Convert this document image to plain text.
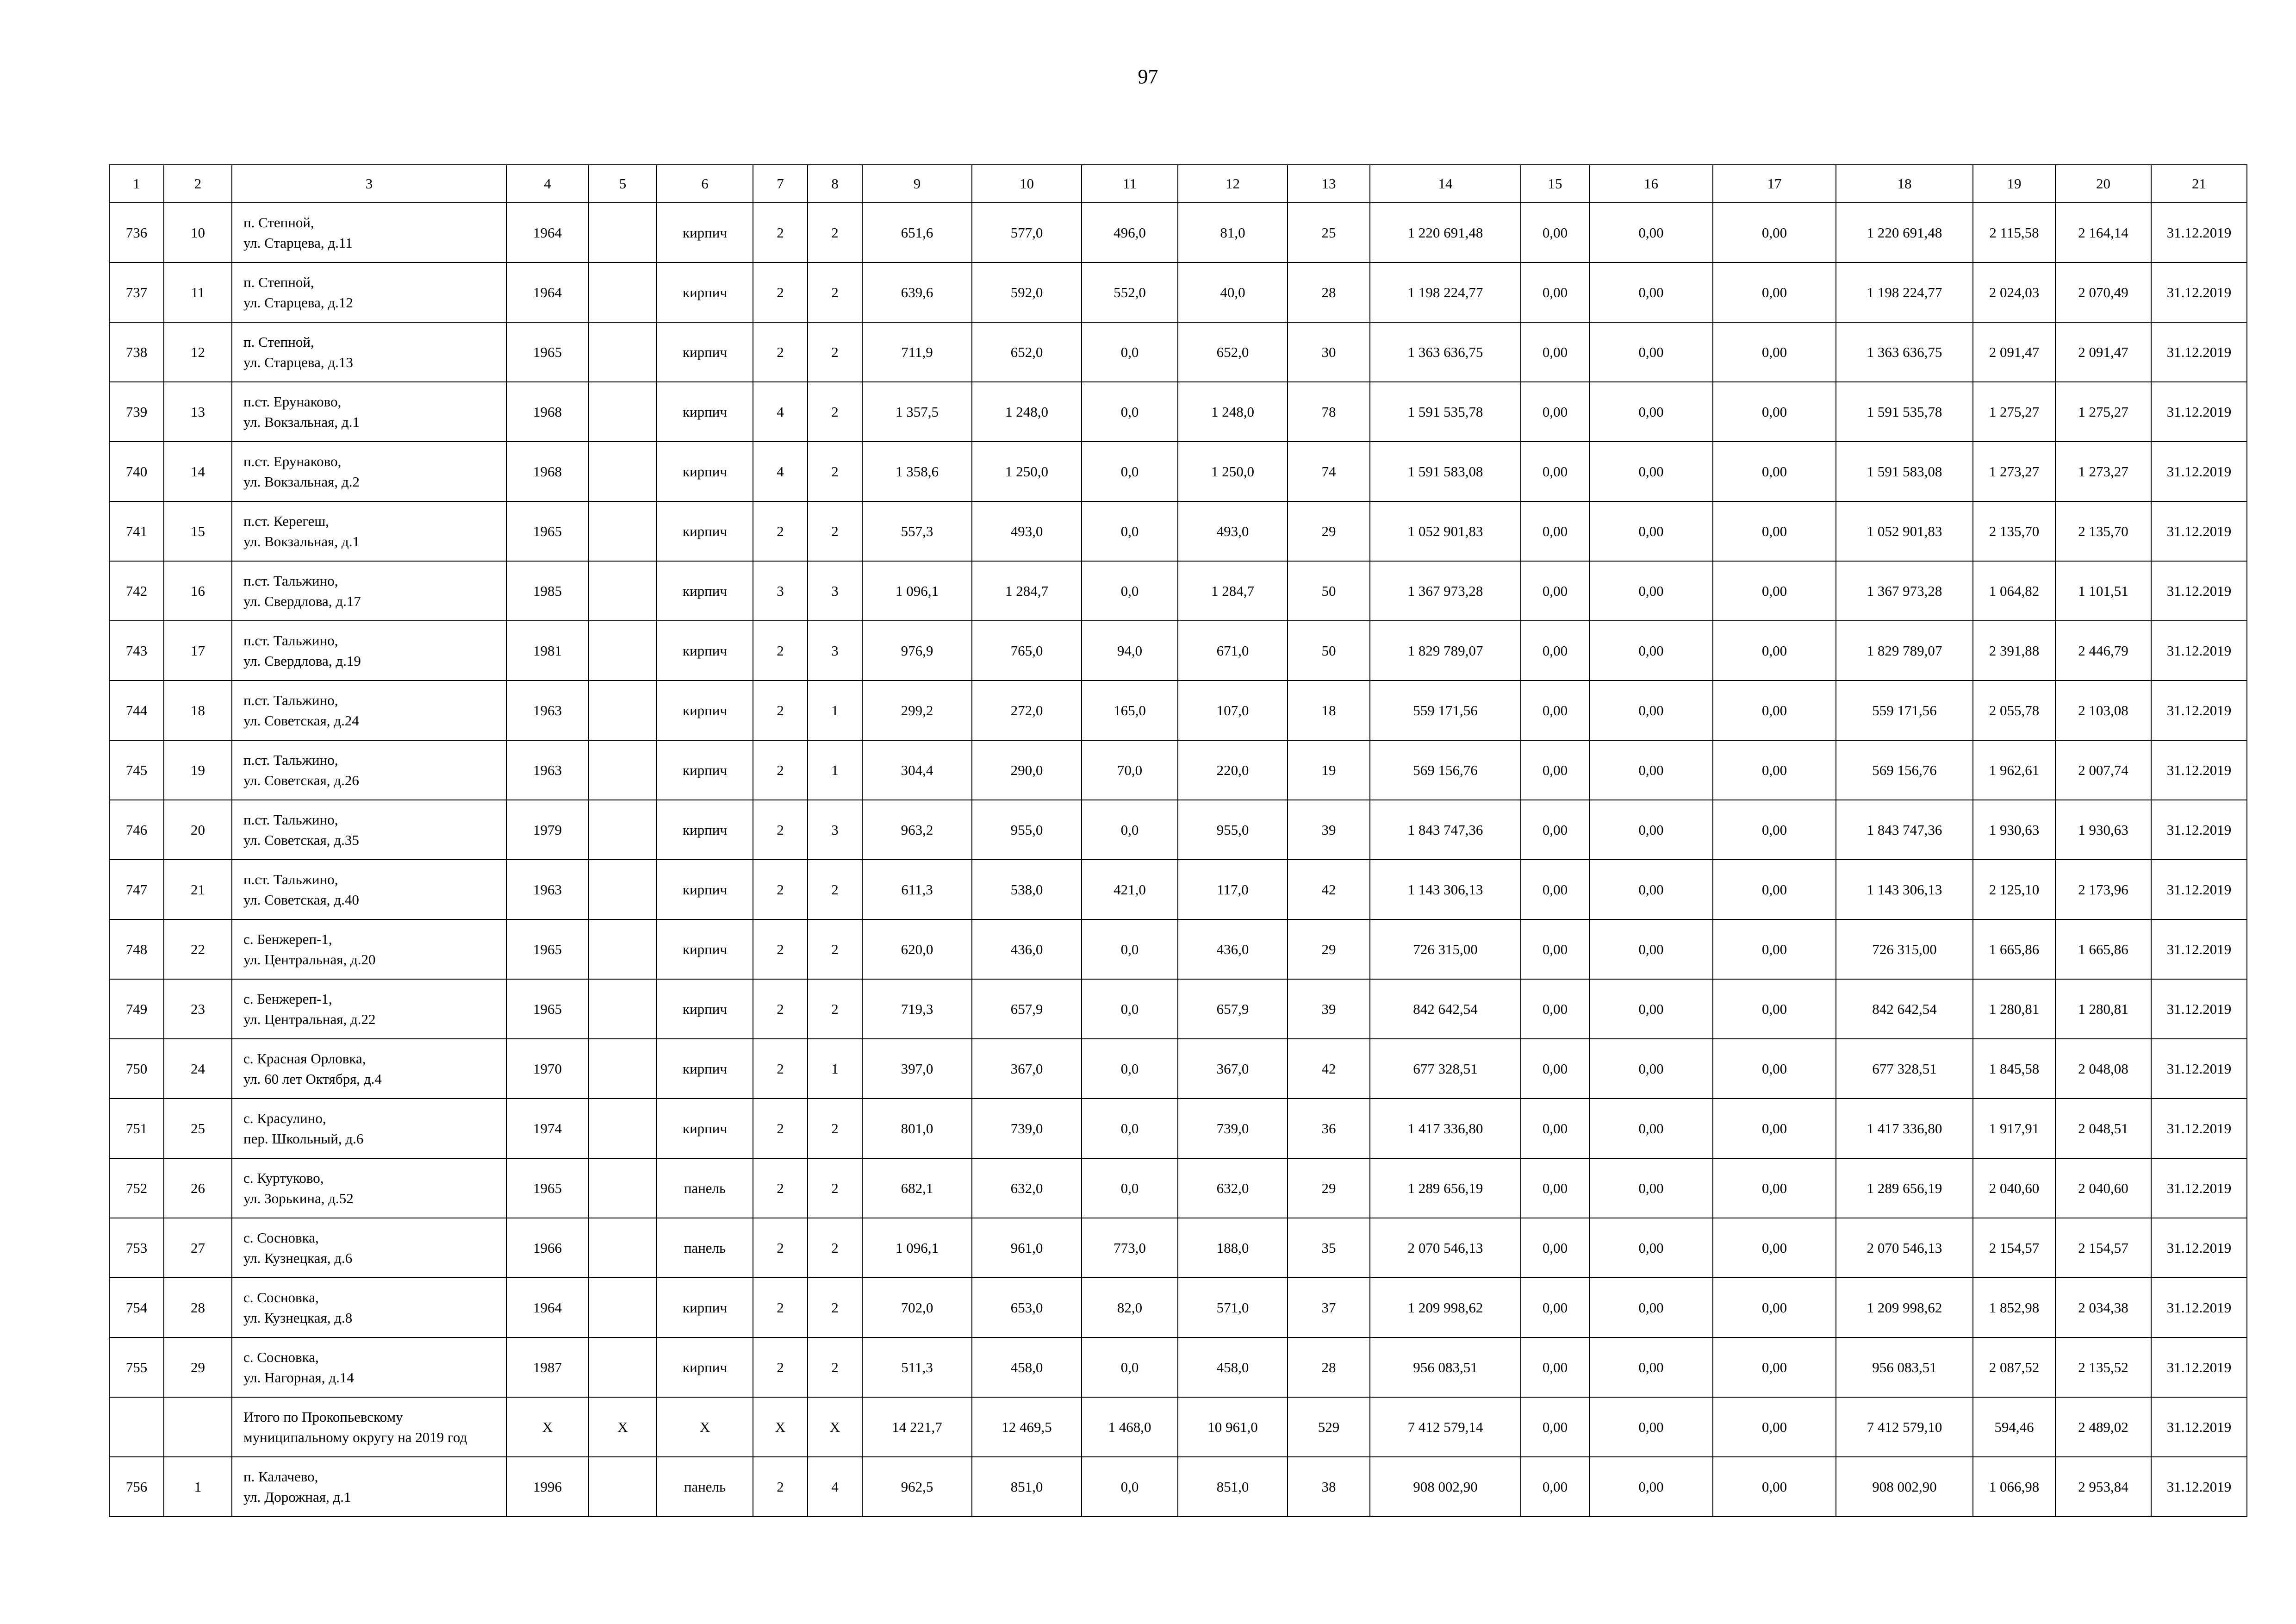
97
1	2	3	4	5	6	7	8	9	10	11	12	13	14	15	16	17	18	19	20	21
736	10	п. Степной,
ул. Старцева, д.11	1964		кирпич	2	2	651,6	577,0	496,0	81,0	25	1 220 691,48	0,00	0,00	0,00	1 220 691,48	2 115,58	2 164,14	31.12.2019
737	11	п. Степной,
ул. Старцева, д.12	1964		кирпич	2	2	639,6	592,0	552,0	40,0	28	1 198 224,77	0,00	0,00	0,00	1 198 224,77	2 024,03	2 070,49	31.12.2019
738	12	п. Степной,
ул. Старцева, д.13	1965		кирпич	2	2	711,9	652,0	0,0	652,0	30	1 363 636,75	0,00	0,00	0,00	1 363 636,75	2 091,47	2 091,47	31.12.2019
739	13	п.ст. Ерунаково,
ул. Вокзальная, д.1	1968		кирпич	4	2	1 357,5	1 248,0	0,0	1 248,0	78	1 591 535,78	0,00	0,00	0,00	1 591 535,78	1 275,27	1 275,27	31.12.2019
740	14	п.ст. Ерунаково,
ул. Вокзальная, д.2	1968		кирпич	4	2	1 358,6	1 250,0	0,0	1 250,0	74	1 591 583,08	0,00	0,00	0,00	1 591 583,08	1 273,27	1 273,27	31.12.2019
741	15	п.ст. Керегеш,
ул. Вокзальная, д.1	1965		кирпич	2	2	557,3	493,0	0,0	493,0	29	1 052 901,83	0,00	0,00	0,00	1 052 901,83	2 135,70	2 135,70	31.12.2019
742	16	п.ст. Тальжино,
ул. Свердлова, д.17	1985		кирпич	3	3	1 096,1	1 284,7	0,0	1 284,7	50	1 367 973,28	0,00	0,00	0,00	1 367 973,28	1 064,82	1 101,51	31.12.2019
743	17	п.ст. Тальжино,
ул. Свердлова, д.19	1981		кирпич	2	3	976,9	765,0	94,0	671,0	50	1 829 789,07	0,00	0,00	0,00	1 829 789,07	2 391,88	2 446,79	31.12.2019
744	18	п.ст. Тальжино,
ул. Советская, д.24	1963		кирпич	2	1	299,2	272,0	165,0	107,0	18	559 171,56	0,00	0,00	0,00	559 171,56	2 055,78	2 103,08	31.12.2019
745	19	п.ст. Тальжино,
ул. Советская, д.26	1963		кирпич	2	1	304,4	290,0	70,0	220,0	19	569 156,76	0,00	0,00	0,00	569 156,76	1 962,61	2 007,74	31.12.2019
746	20	п.ст. Тальжино,
ул. Советская, д.35	1979		кирпич	2	3	963,2	955,0	0,0	955,0	39	1 843 747,36	0,00	0,00	0,00	1 843 747,36	1 930,63	1 930,63	31.12.2019
747	21	п.ст. Тальжино,
ул. Советская, д.40	1963		кирпич	2	2	611,3	538,0	421,0	117,0	42	1 143 306,13	0,00	0,00	0,00	1 143 306,13	2 125,10	2 173,96	31.12.2019
748	22	с. Бенжереп-1,
ул. Центральная, д.20	1965		кирпич	2	2	620,0	436,0	0,0	436,0	29	726 315,00	0,00	0,00	0,00	726 315,00	1 665,86	1 665,86	31.12.2019
749	23	с. Бенжереп-1,
ул. Центральная, д.22	1965		кирпич	2	2	719,3	657,9	0,0	657,9	39	842 642,54	0,00	0,00	0,00	842 642,54	1 280,81	1 280,81	31.12.2019
750	24	с. Красная Орловка,
ул. 60 лет Октября, д.4	1970		кирпич	2	1	397,0	367,0	0,0	367,0	42	677 328,51	0,00	0,00	0,00	677 328,51	1 845,58	2 048,08	31.12.2019
751	25	с. Красулино,
пер. Школьный, д.6	1974		кирпич	2	2	801,0	739,0	0,0	739,0	36	1 417 336,80	0,00	0,00	0,00	1 417 336,80	1 917,91	2 048,51	31.12.2019
752	26	с. Куртуково,
ул. Зорькина, д.52	1965		панель	2	2	682,1	632,0	0,0	632,0	29	1 289 656,19	0,00	0,00	0,00	1 289 656,19	2 040,60	2 040,60	31.12.2019
753	27	с. Сосновка,
ул. Кузнецкая, д.6	1966		панель	2	2	1 096,1	961,0	773,0	188,0	35	2 070 546,13	0,00	0,00	0,00	2 070 546,13	2 154,57	2 154,57	31.12.2019
754	28	с. Сосновка,
ул. Кузнецкая, д.8	1964		кирпич	2	2	702,0	653,0	82,0	571,0	37	1 209 998,62	0,00	0,00	0,00	1 209 998,62	1 852,98	2 034,38	31.12.2019
755	29	с. Сосновка,
ул. Нагорная, д.14	1987		кирпич	2	2	511,3	458,0	0,0	458,0	28	956 083,51	0,00	0,00	0,00	956 083,51	2 087,52	2 135,52	31.12.2019

		Итого по Прокопьевскому
муниципальному округу на 2019 год	X	X	X	X	X	14 221,7	12 469,5	1 468,0	10 961,0	529	7 412 579,14	0,00	0,00	0,00	7 412 579,10	594,46	2 489,02	31.12.2019
756	1	п. Калачево,
ул. Дорожная, д.1	1996		панель	2	4	962,5	851,0	0,0	851,0	38	908 002,90	0,00	0,00	0,00	908 002,90	1 066,98	2 953,84	31.12.2019
